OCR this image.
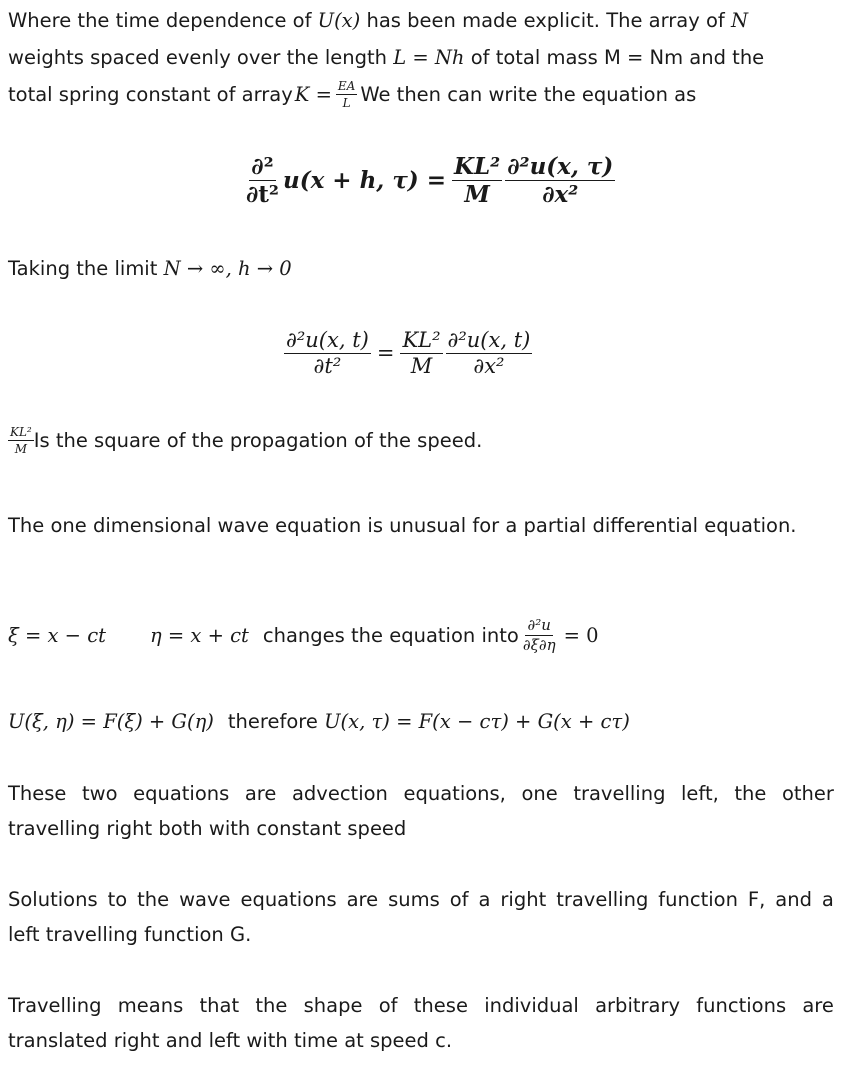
Where the time dependence of U(x) has been made explicit. The array of N
weights spaced evenly over the length L = Nh of total mass M = Nm and the
total spring constant of array $K = \frac{EA}{L}$ We then can write the equation as
$\frac{\text{∂²}}{\text{∂t²}} u(x + h$, $\tau) = \frac{\text{KL²}}{M} \frac{\text{∂²u(x, τ)}}{\text{∂x²}}$
Taking the limit N → ∞, h → 0
$\frac{\text{∂²u(x, t)}}{\text{∂t²}} = \frac{\text{KL²}}{M} \frac{\text{∂²u(x, t)}}{\text{∂x²}}$
$\frac{\text{KL²}}{M}$ Is the square of the propagation of the speed.
The one dimensional wave equation is unusual for a partial differential equation.
ξ = x − ct η = x + ct changes the equation into $\frac{\text{∂²u}}{\partial\xi\partial\eta} = 0$
U(ξ, η) = F(ξ) + G(η) therefore U(x, τ) = F(x − cτ) + G(x + cτ)
These two equations are advection equations, one travelling left, the other
travelling right both with constant speed
Solutions to the wave equations are sums of a right travelling function F, and a
left travelling function G.
Travelling means that the shape of these individual arbitrary functions are
translated right and left with time at speed c.
